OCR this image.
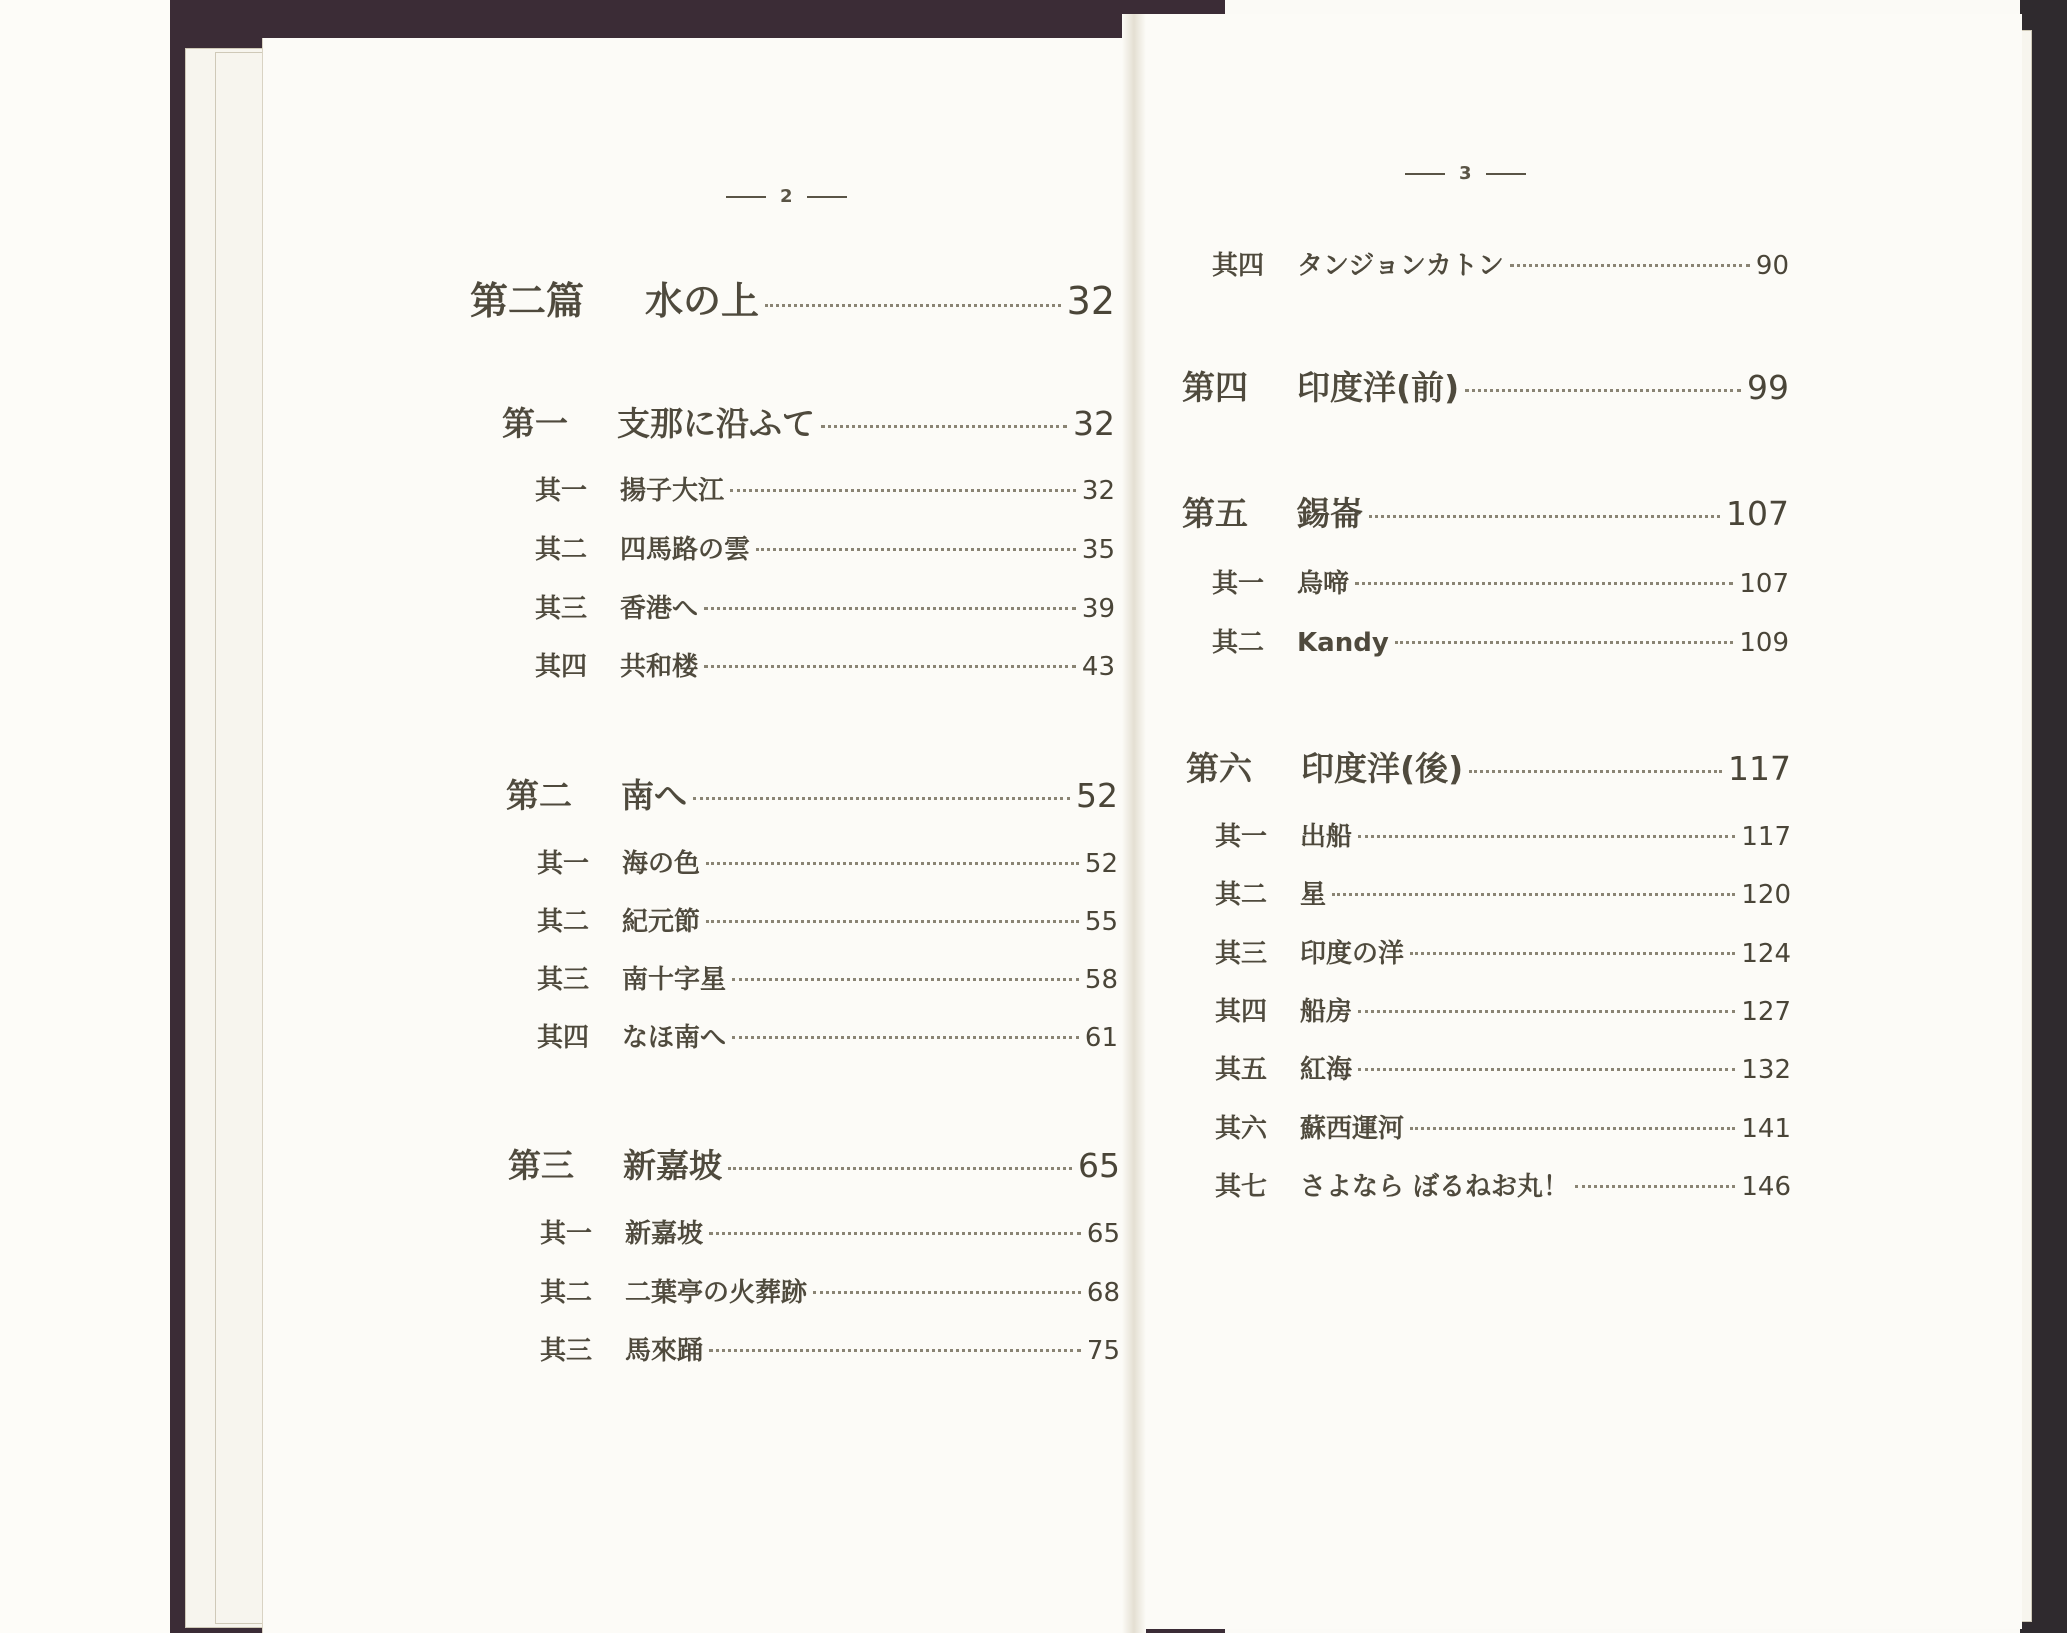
2
第二篇	水の上	32
第一	支那に沿ふて	32
其一	揚子大江	32
其二	四馬路の雲	35
其三	香港へ	39
其四	共和楼	43
第二	南へ	52
其一	海の色	52
其二	紀元節	55
其三	南十字星	58
其四	なほ南へ	61
第三	新嘉坡	65
其一	新嘉坡	65
其二	二葉亭の火葬跡	68
其三	馬來踊	75
3
其四	タンジョンカトン	90
第四	印度洋(前)	99
第五	錫崙	107
其一	烏啼	107
其二	Kandy	109
第六	印度洋(後)	117
其一	出船	117
其二	星	120
其三	印度の洋	124
其四	船房	127
其五	紅海	132
其六	蘇西運河	141
其七	さよなら ぼるねお丸！	146
